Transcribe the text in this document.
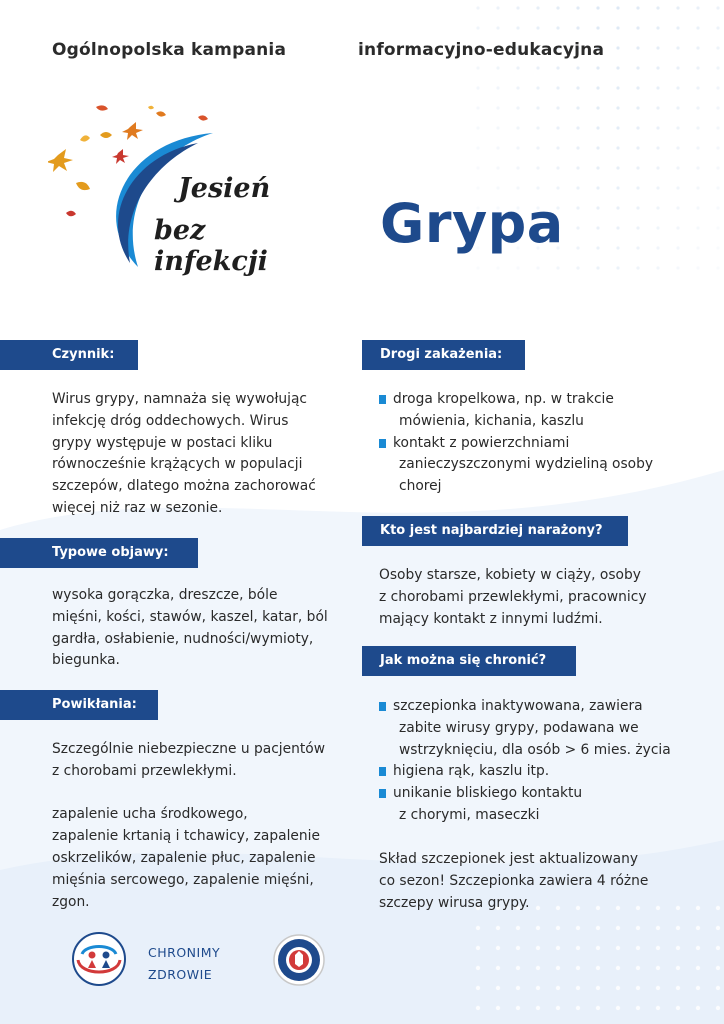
Ogólnopolska kampania	informacyjno-edukacyjna
Jesień
bez infekcji
Grypa
Czynnik:

Wirus grypy, namnaża się wywołując

infekcję dróg oddechowych. Wirus

grypy występuje w postaci kliku

równocześnie krążących w populacji

szczepów, dlatego można zachorować

więcej niż raz w sezonie.

Typowe objawy:

wysoka gorączka, dreszcze, bóle

mięśni, kości, stawów, kaszel, katar, ból

gardła, osłabienie, nudności/wymioty,

biegunka.

Powikłania:

Szczególnie niebezpieczne u pacjentów

z chorobami przewlekłymi.

zapalenie ucha środkowego,

zapalenie krtanią i tchawicy, zapalenie

oskrzelików, zapalenie płuc, zapalenie

mięśnia sercowego, zapalenie mięśni,

zgon.

Drogi zakażenia:
droga kropelkowa, np. w trakcie
mówienia, kichania, kaszlu
kontakt z powierzchniami
zanieczyszczonymi wydzieliną osoby
chorej
Kto jest najbardziej narażony?

Osoby starsze, kobiety w ciąży, osoby

z chorobami przewlekłymi, pracownicy

mający kontakt z innymi ludźmi.

Jak można się chronić?
szczepionka inaktywowana, zawiera
zabite wirusy grypy, podawana we
wstrzyknięciu, dla osób > 6 mies. życia
higiena rąk, kaszlu itp.
unikanie bliskiego kontaktu
z chorymi, maseczki

Skład szczepionek jest aktualizowany

co sezon! Szczepionka zawiera 4 różne

szczepy wirusa grypy.

CHRONIMY
ZDROWIE
